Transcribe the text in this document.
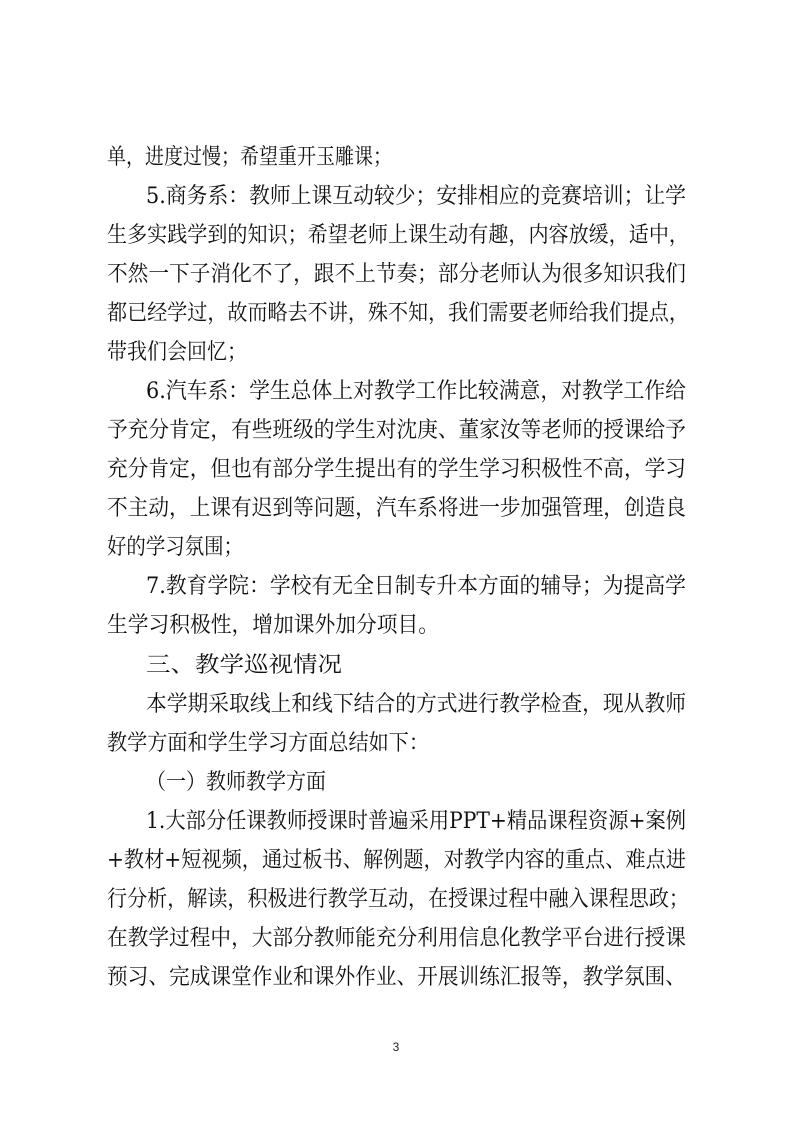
单，进度过慢；希望重开玉雕课；
5.商务系：教师上课互动较少；安排相应的竞赛培训；让学
生多实践学到的知识；希望老师上课生动有趣，内容放缓，适中，
不然一下子消化不了，跟不上节奏；部分老师认为很多知识我们
都已经学过，故而略去不讲，殊不知，我们需要老师给我们提点，
带我们会回忆；
6.汽车系：学生总体上对教学工作比较满意，对教学工作给
予充分肯定，有些班级的学生对沈庚、董家汝等老师的授课给予
充分肯定，但也有部分学生提出有的学生学习积极性不高，学习
不主动，上课有迟到等问题，汽车系将进一步加强管理，创造良
好的学习氛围；
7.教育学院：学校有无全日制专升本方面的辅导；为提高学
生学习积极性，增加课外加分项目。
三、教学巡视情况
本学期采取线上和线下结合的方式进行教学检查，现从教师
教学方面和学生学习方面总结如下：
（一）教师教学方面
1.大部分任课教师授课时普遍采用PPT+精品课程资源+案例
+教材+短视频，通过板书、解例题，对教学内容的重点、难点进
行分析，解读，积极进行教学互动，在授课过程中融入课程思政；
在教学过程中，大部分教师能充分利用信息化教学平台进行授课
预习、完成课堂作业和课外作业、开展训练汇报等，教学氛围、
3
